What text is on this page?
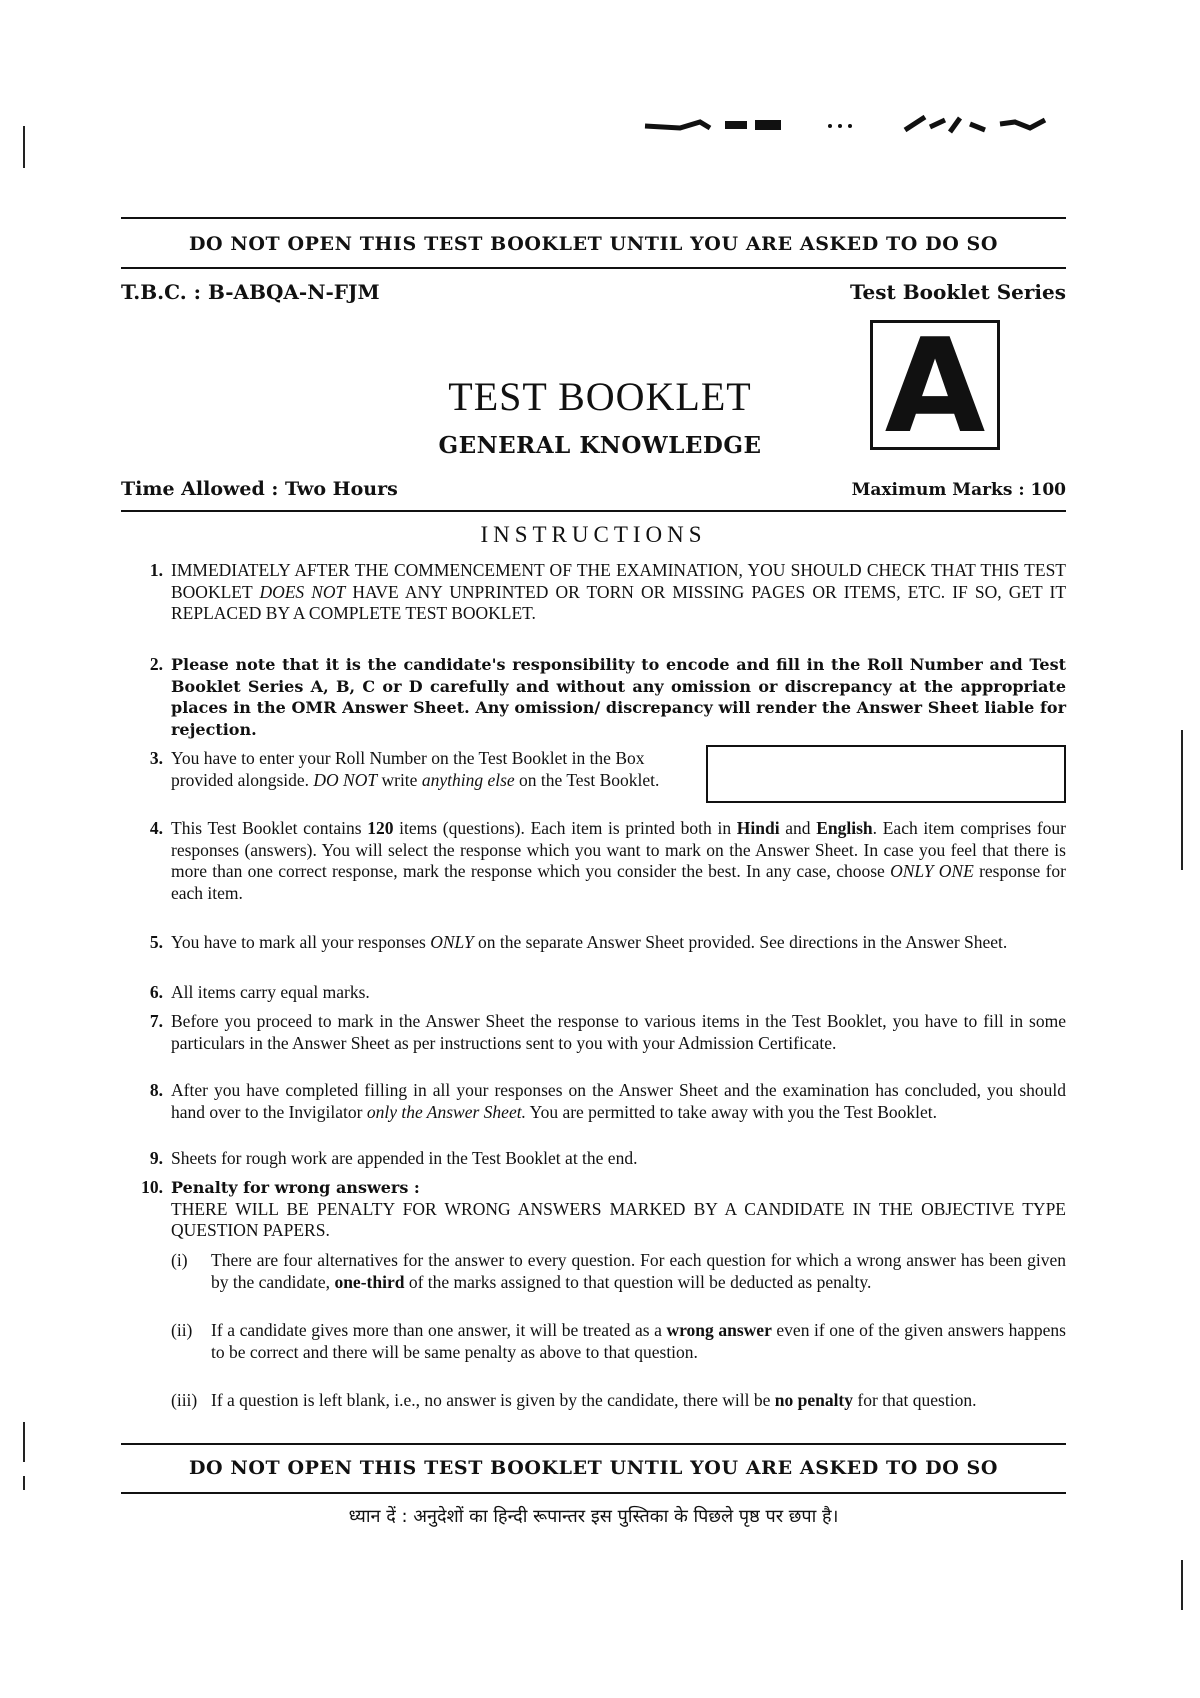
DO NOT OPEN THIS TEST BOOKLET UNTIL YOU ARE ASKED TO DO SO
T.B.C. : B-ABQA-N-FJM	Test Booklet Series
A
TEST BOOKLET
GENERAL KNOWLEDGE
Time Allowed : Two Hours	Maximum Marks : 100
INSTRUCTIONS
1. IMMEDIATELY AFTER THE COMMENCEMENT OF THE EXAMINATION, YOU SHOULD CHECK THAT THIS TEST BOOKLET DOES NOT HAVE ANY UNPRINTED OR TORN OR MISSING PAGES OR ITEMS, ETC. IF SO, GET IT REPLACED BY A COMPLETE TEST BOOKLET.
2. Please note that it is the candidate's responsibility to encode and fill in the Roll Number and Test Booklet Series A, B, C or D carefully and without any omission or discrepancy at the appropriate places in the OMR Answer Sheet. Any omission/ discrepancy will render the Answer Sheet liable for rejection.
3. You have to enter your Roll Number on the Test Booklet in the Box provided alongside. DO NOT write anything else on the Test Booklet.
4. This Test Booklet contains 120 items (questions). Each item is printed both in Hindi and English. Each item comprises four responses (answers). You will select the response which you want to mark on the Answer Sheet. In case you feel that there is more than one correct response, mark the response which you consider the best. In any case, choose ONLY ONE response for each item.
5. You have to mark all your responses ONLY on the separate Answer Sheet provided. See directions in the Answer Sheet.
6. All items carry equal marks.
7. Before you proceed to mark in the Answer Sheet the response to various items in the Test Booklet, you have to fill in some particulars in the Answer Sheet as per instructions sent to you with your Admission Certificate.
8. After you have completed filling in all your responses on the Answer Sheet and the examination has concluded, you should hand over to the Invigilator only the Answer Sheet. You are permitted to take away with you the Test Booklet.
9. Sheets for rough work are appended in the Test Booklet at the end.
10. Penalty for wrong answers :
THERE WILL BE PENALTY FOR WRONG ANSWERS MARKED BY A CANDIDATE IN THE OBJECTIVE TYPE QUESTION PAPERS.
(i)	There are four alternatives for the answer to every question. For each question for which a wrong answer has been given by the candidate, one-third of the marks assigned to that question will be deducted as penalty.
(ii)	If a candidate gives more than one answer, it will be treated as a wrong answer even if one of the given answers happens to be correct and there will be same penalty as above to that question.
(iii) If a question is left blank, i.e., no answer is given by the candidate, there will be no penalty for that question.
DO NOT OPEN THIS TEST BOOKLET UNTIL YOU ARE ASKED TO DO SO
ध्यान दें : अनुदेशों का हिन्दी रूपान्तर इस पुस्तिका के पिछले पृष्ठ पर छपा है।
